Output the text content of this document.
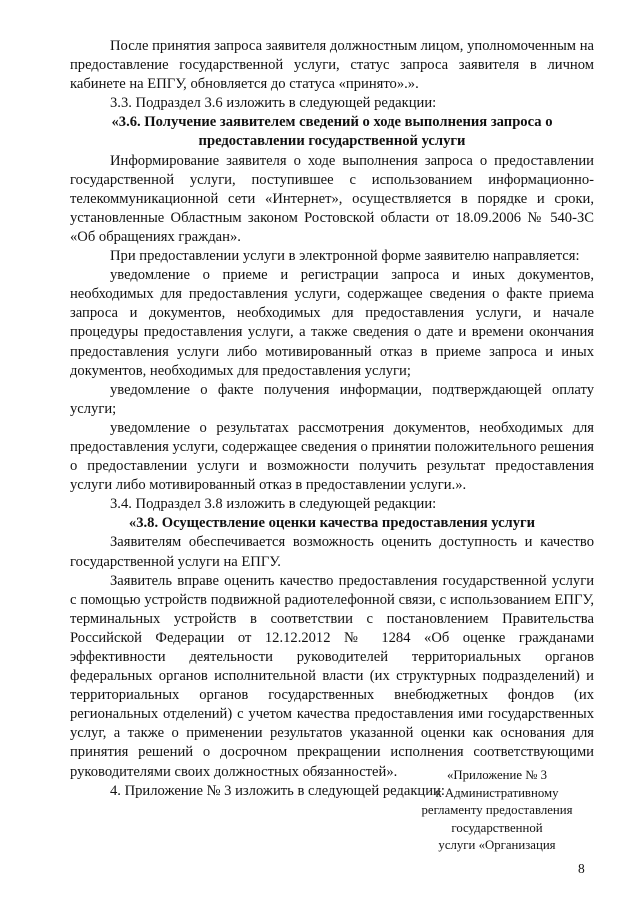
После принятия запроса заявителя должностным лицом, уполномоченным на предоставление государственной услуги, статус запроса заявителя в личном кабинете на ЕПГУ, обновляется до статуса «принято».».

3.3. Подраздел 3.6 изложить в следующей редакции:

«3.6. Получение заявителем сведений о ходе выполнения запроса о предоставлении государственной услуги

Информирование заявителя о ходе выполнения запроса о предоставлении государственной услуги, поступившее с использованием информационно-телекоммуникационной сети «Интернет», осуществляется в порядке и сроки, установленные Областным законом Ростовской области от 18.09.2006 № 540-ЗС «Об обращениях граждан».

При предоставлении услуги в электронной форме заявителю направляется:

уведомление о приеме и регистрации запроса и иных документов, необходимых для предоставления услуги, содержащее сведения о факте приема запроса и документов, необходимых для предоставления услуги, и начале процедуры предоставления услуги, а также сведения о дате и времени окончания предоставления услуги либо мотивированный отказ в приеме запроса и иных документов, необходимых для предоставления услуги;

уведомление о факте получения информации, подтверждающей оплату услуги;

уведомление о результатах рассмотрения документов, необходимых для предоставления услуги, содержащее сведения о принятии положительного решения о предоставлении услуги и возможности получить результат предоставления услуги либо мотивированный отказ в предоставлении услуги.».

3.4. Подраздел 3.8 изложить в следующей редакции:

«3.8. Осуществление оценки качества предоставления услуги

Заявителям обеспечивается возможность оценить доступность и качество государственной услуги на ЕПГУ.

Заявитель вправе оценить качество предоставления государственной услуги с помощью устройств подвижной радиотелефонной связи, с использованием ЕПГУ, терминальных устройств в соответствии с постановлением Правительства Российской Федерации от 12.12.2012 № 1284 «Об оценке гражданами эффективности деятельности руководителей территориальных органов федеральных органов исполнительной власти (их структурных подразделений) и территориальных органов государственных внебюджетных фондов (их региональных отделений) с учетом качества предоставления ими государственных услуг, а также о применении результатов указанной оценки как основания для принятия решений о досрочном прекращении исполнения соответствующими руководителями своих должностных обязанностей».

4. Приложение № 3 изложить в следующей редакции:

«Приложение № 3
к Административному
регламенту предоставления
государственной
услуги «Организация
8
